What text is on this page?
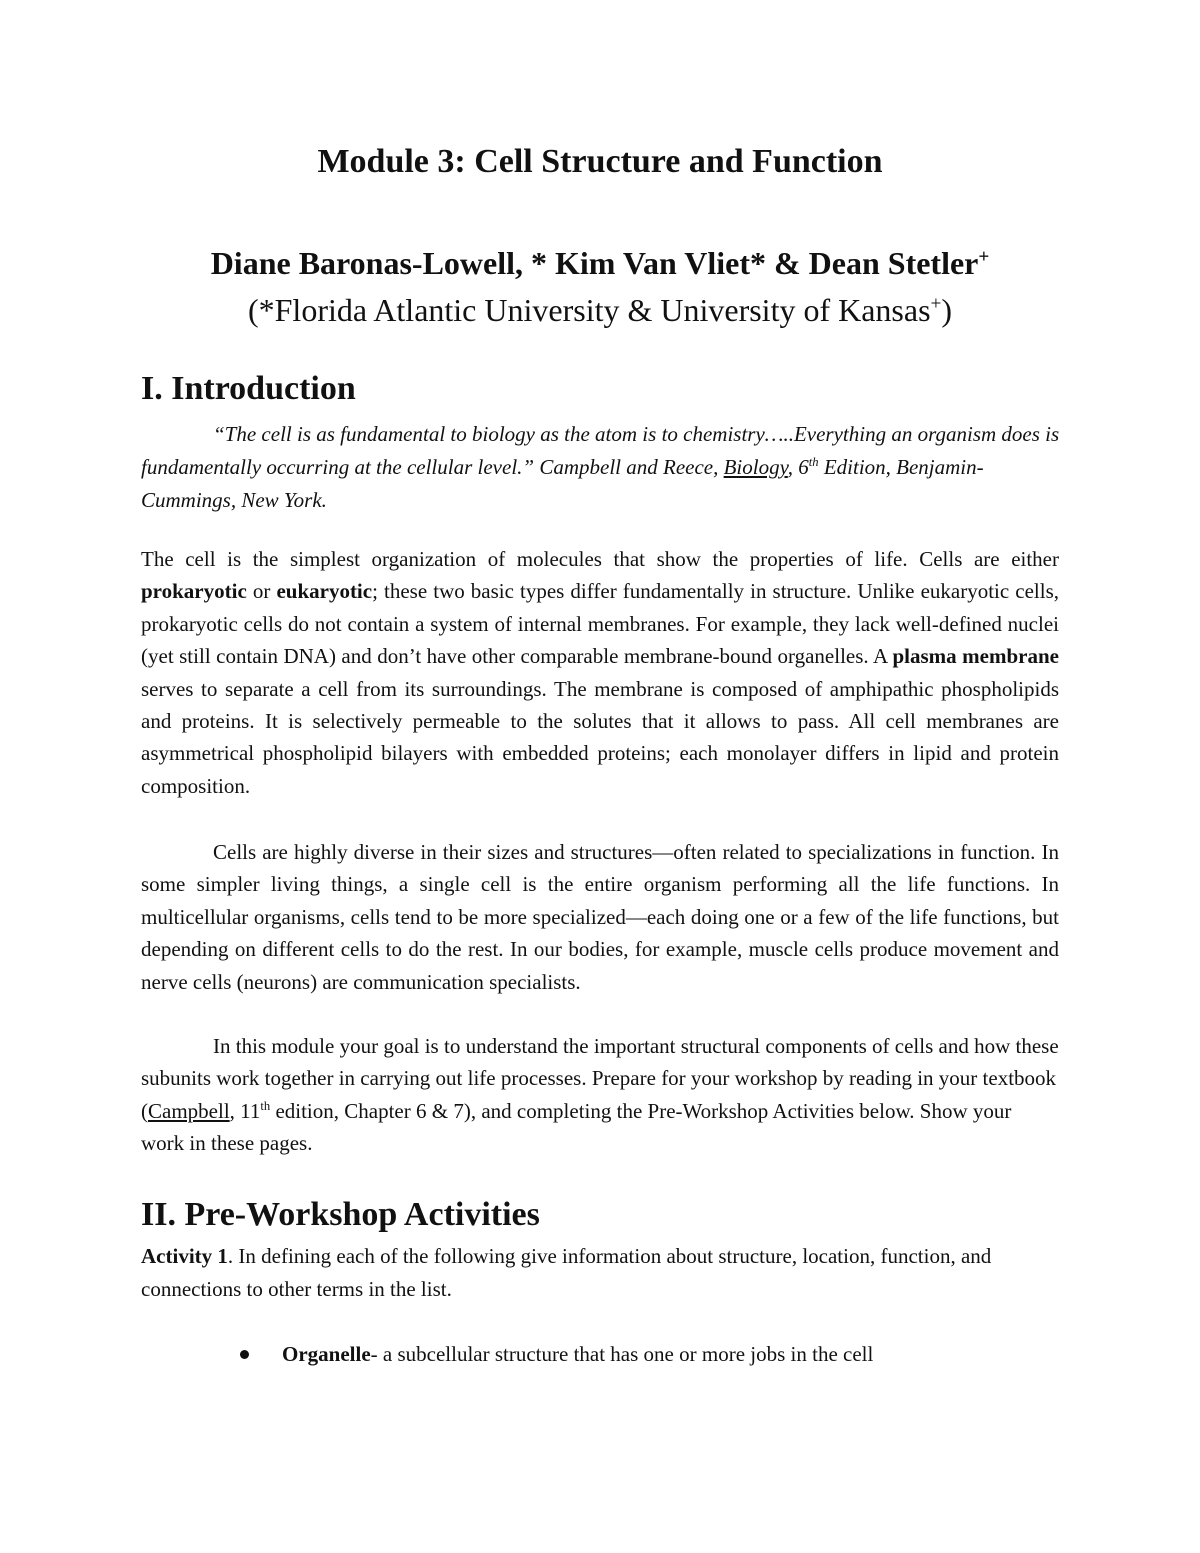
Module 3: Cell Structure and Function

Diane Baronas-Lowell, * Kim Van Vliet* & Dean Stetler+

(*Florida Atlantic University & University of Kansas+)

I. Introduction

“The cell is as fundamental to biology as the atom is to chemistry…..Everything an organism does is fundamentally occurring at the cellular level.” Campbell and Reece, Biology, 6th Edition, Benjamin-Cummings, New York.

The cell is the simplest organization of molecules that show the properties of life. Cells are either prokaryotic or eukaryotic; these two basic types differ fundamentally in structure. Unlike eukaryotic cells, prokaryotic cells do not contain a system of internal membranes. For example, they lack well-defined nuclei (yet still contain DNA) and don’t have other comparable membrane-bound organelles. A plasma membrane serves to separate a cell from its surroundings. The membrane is composed of amphipathic phospholipids and proteins. It is selectively permeable to the solutes that it allows to pass. All cell membranes are asymmetrical phospholipid bilayers with embedded proteins; each monolayer differs in lipid and protein composition.

Cells are highly diverse in their sizes and structures—often related to specializations in function. In some simpler living things, a single cell is the entire organism performing all the life functions. In multicellular organisms, cells tend to be more specialized—each doing one or a few of the life functions, but depending on different cells to do the rest. In our bodies, for example, muscle cells produce movement and nerve cells (neurons) are communication specialists.

In this module your goal is to understand the important structural components of cells and how these subunits work together in carrying out life processes. Prepare for your workshop by reading in your textbook (Campbell, 11th edition, Chapter 6 & 7), and completing the Pre-Workshop Activities below. Show your work in these pages.

II. Pre-Workshop Activities

Activity 1. In defining each of the following give information about structure, location, function, and connections to other terms in the list.

Organelle- a subcellular structure that has one or more jobs in the cell
